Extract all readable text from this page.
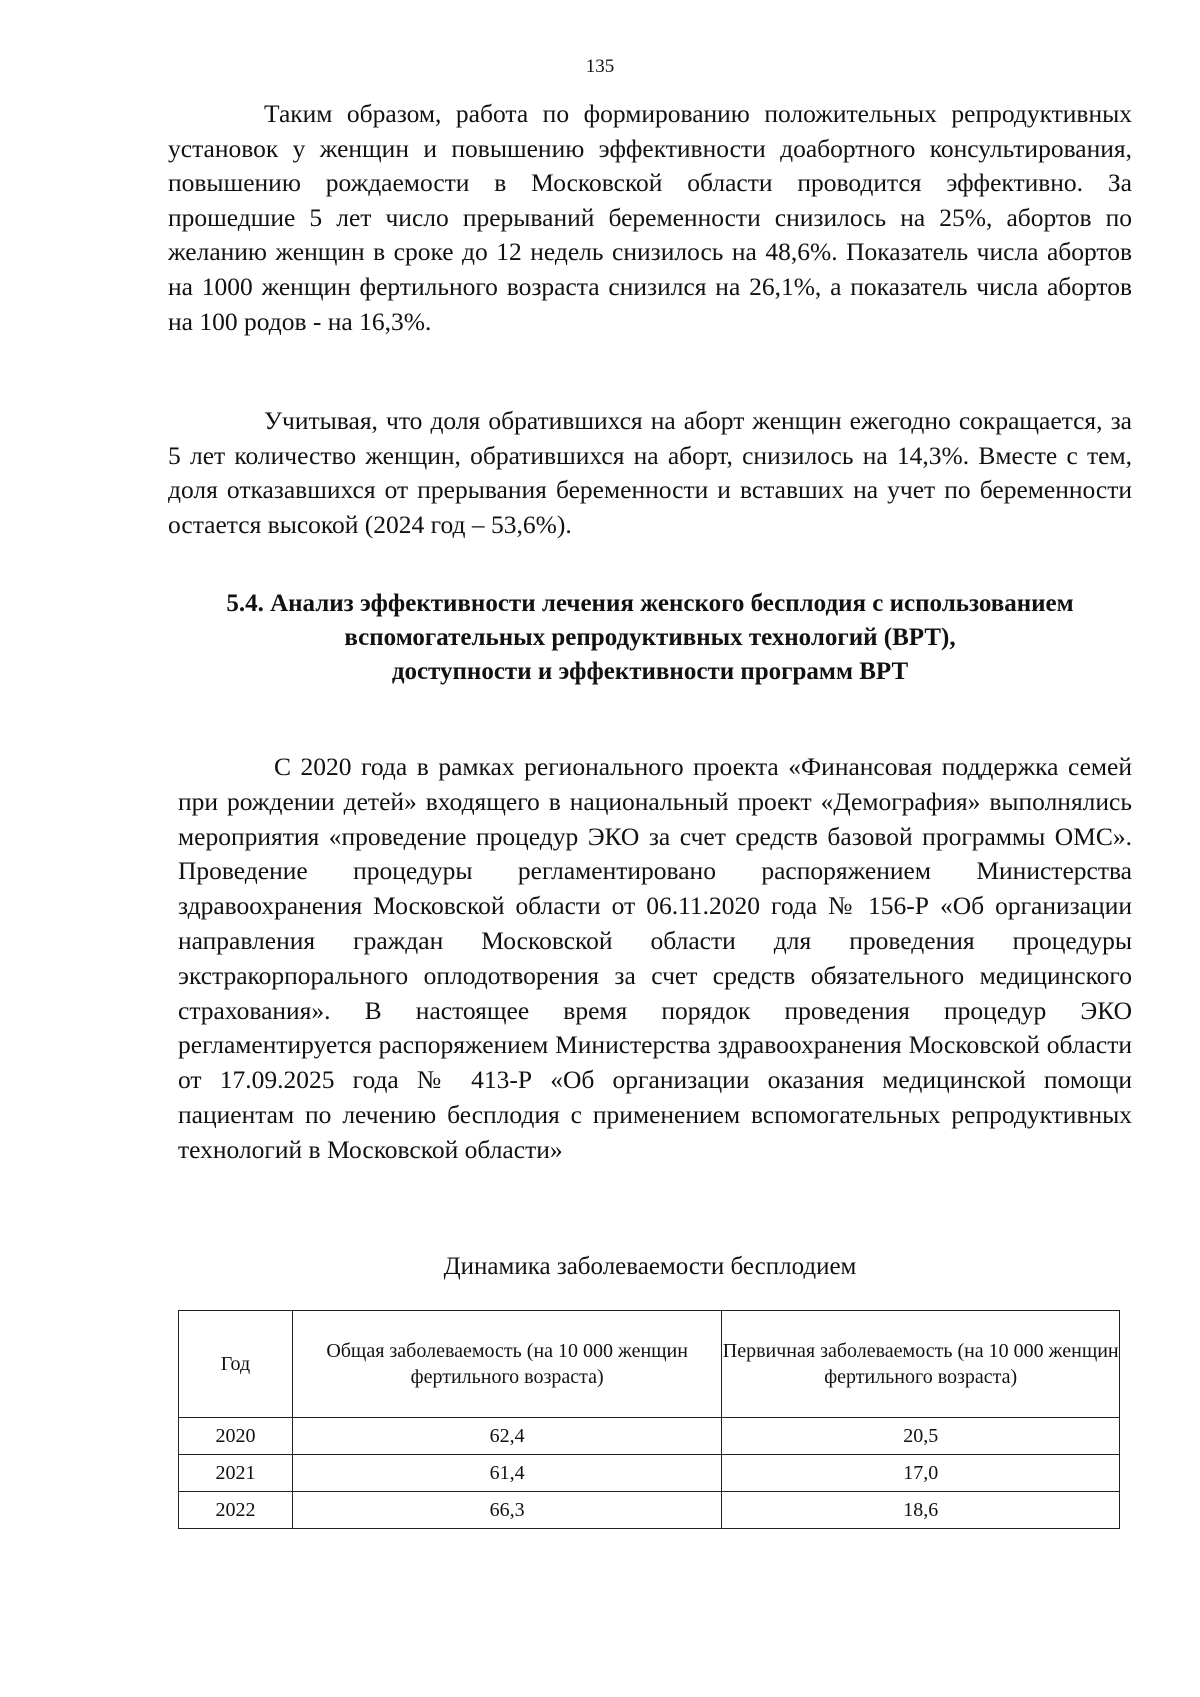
135

Таким образом, работа по формированию положительных репродуктивных установок у женщин и повышению эффективности доабортного консультирования, повышению рождаемости в Московской области проводится эффективно. За прошедшие 5 лет число прерываний беременности снизилось на 25%, абортов по желанию женщин в сроке до 12 недель снизилось на 48,6%. Показатель числа абортов на 1000 женщин фертильного возраста снизился на 26,1%, а показатель числа абортов на 100 родов - на 16,3%.

Учитывая, что доля обратившихся на аборт женщин ежегодно сокращается, за 5 лет количество женщин, обратившихся на аборт, снизилось на 14,3%. Вместе с тем, доля отказавшихся от прерывания беременности и вставших на учет по беременности остается высокой (2024 год – 53,6%).

5.4. Анализ эффективности лечения женского бесплодия с использованием
вспомогательных репродуктивных технологий (ВРТ),
доступности и эффективности программ ВРТ

С 2020 года в рамках регионального проекта «Финансовая поддержка семей при рождении детей» входящего в национальный проект «Демография» выполнялись мероприятия «проведение процедур ЭКО за счет средств базовой программы ОМС». Проведение процедуры регламентировано распоряжением Министерства здравоохранения Московской области от 06.11.2020 года № 156-Р «Об организации направления граждан Московской области для проведения процедуры экстракорпорального оплодотворения за счет средств обязательного медицинского страхования». В настоящее время порядок проведения процедур ЭКО регламентируется распоряжением Министерства здравоохранения Московской области от 17.09.2025 года № 413-Р «Об организации оказания медицинской помощи пациентам по лечению бесплодия с применением вспомогательных репродуктивных технологий в Московской области»

Динамика заболеваемости бесплодием

Год	Общая заболеваемость (на 10 000 женщин фертильного возраста)	Первичная заболеваемость (на 10 000 женщин фертильного возраста)
2020	62,4	20,5
2021	61,4	17,0
2022	66,3	18,6
